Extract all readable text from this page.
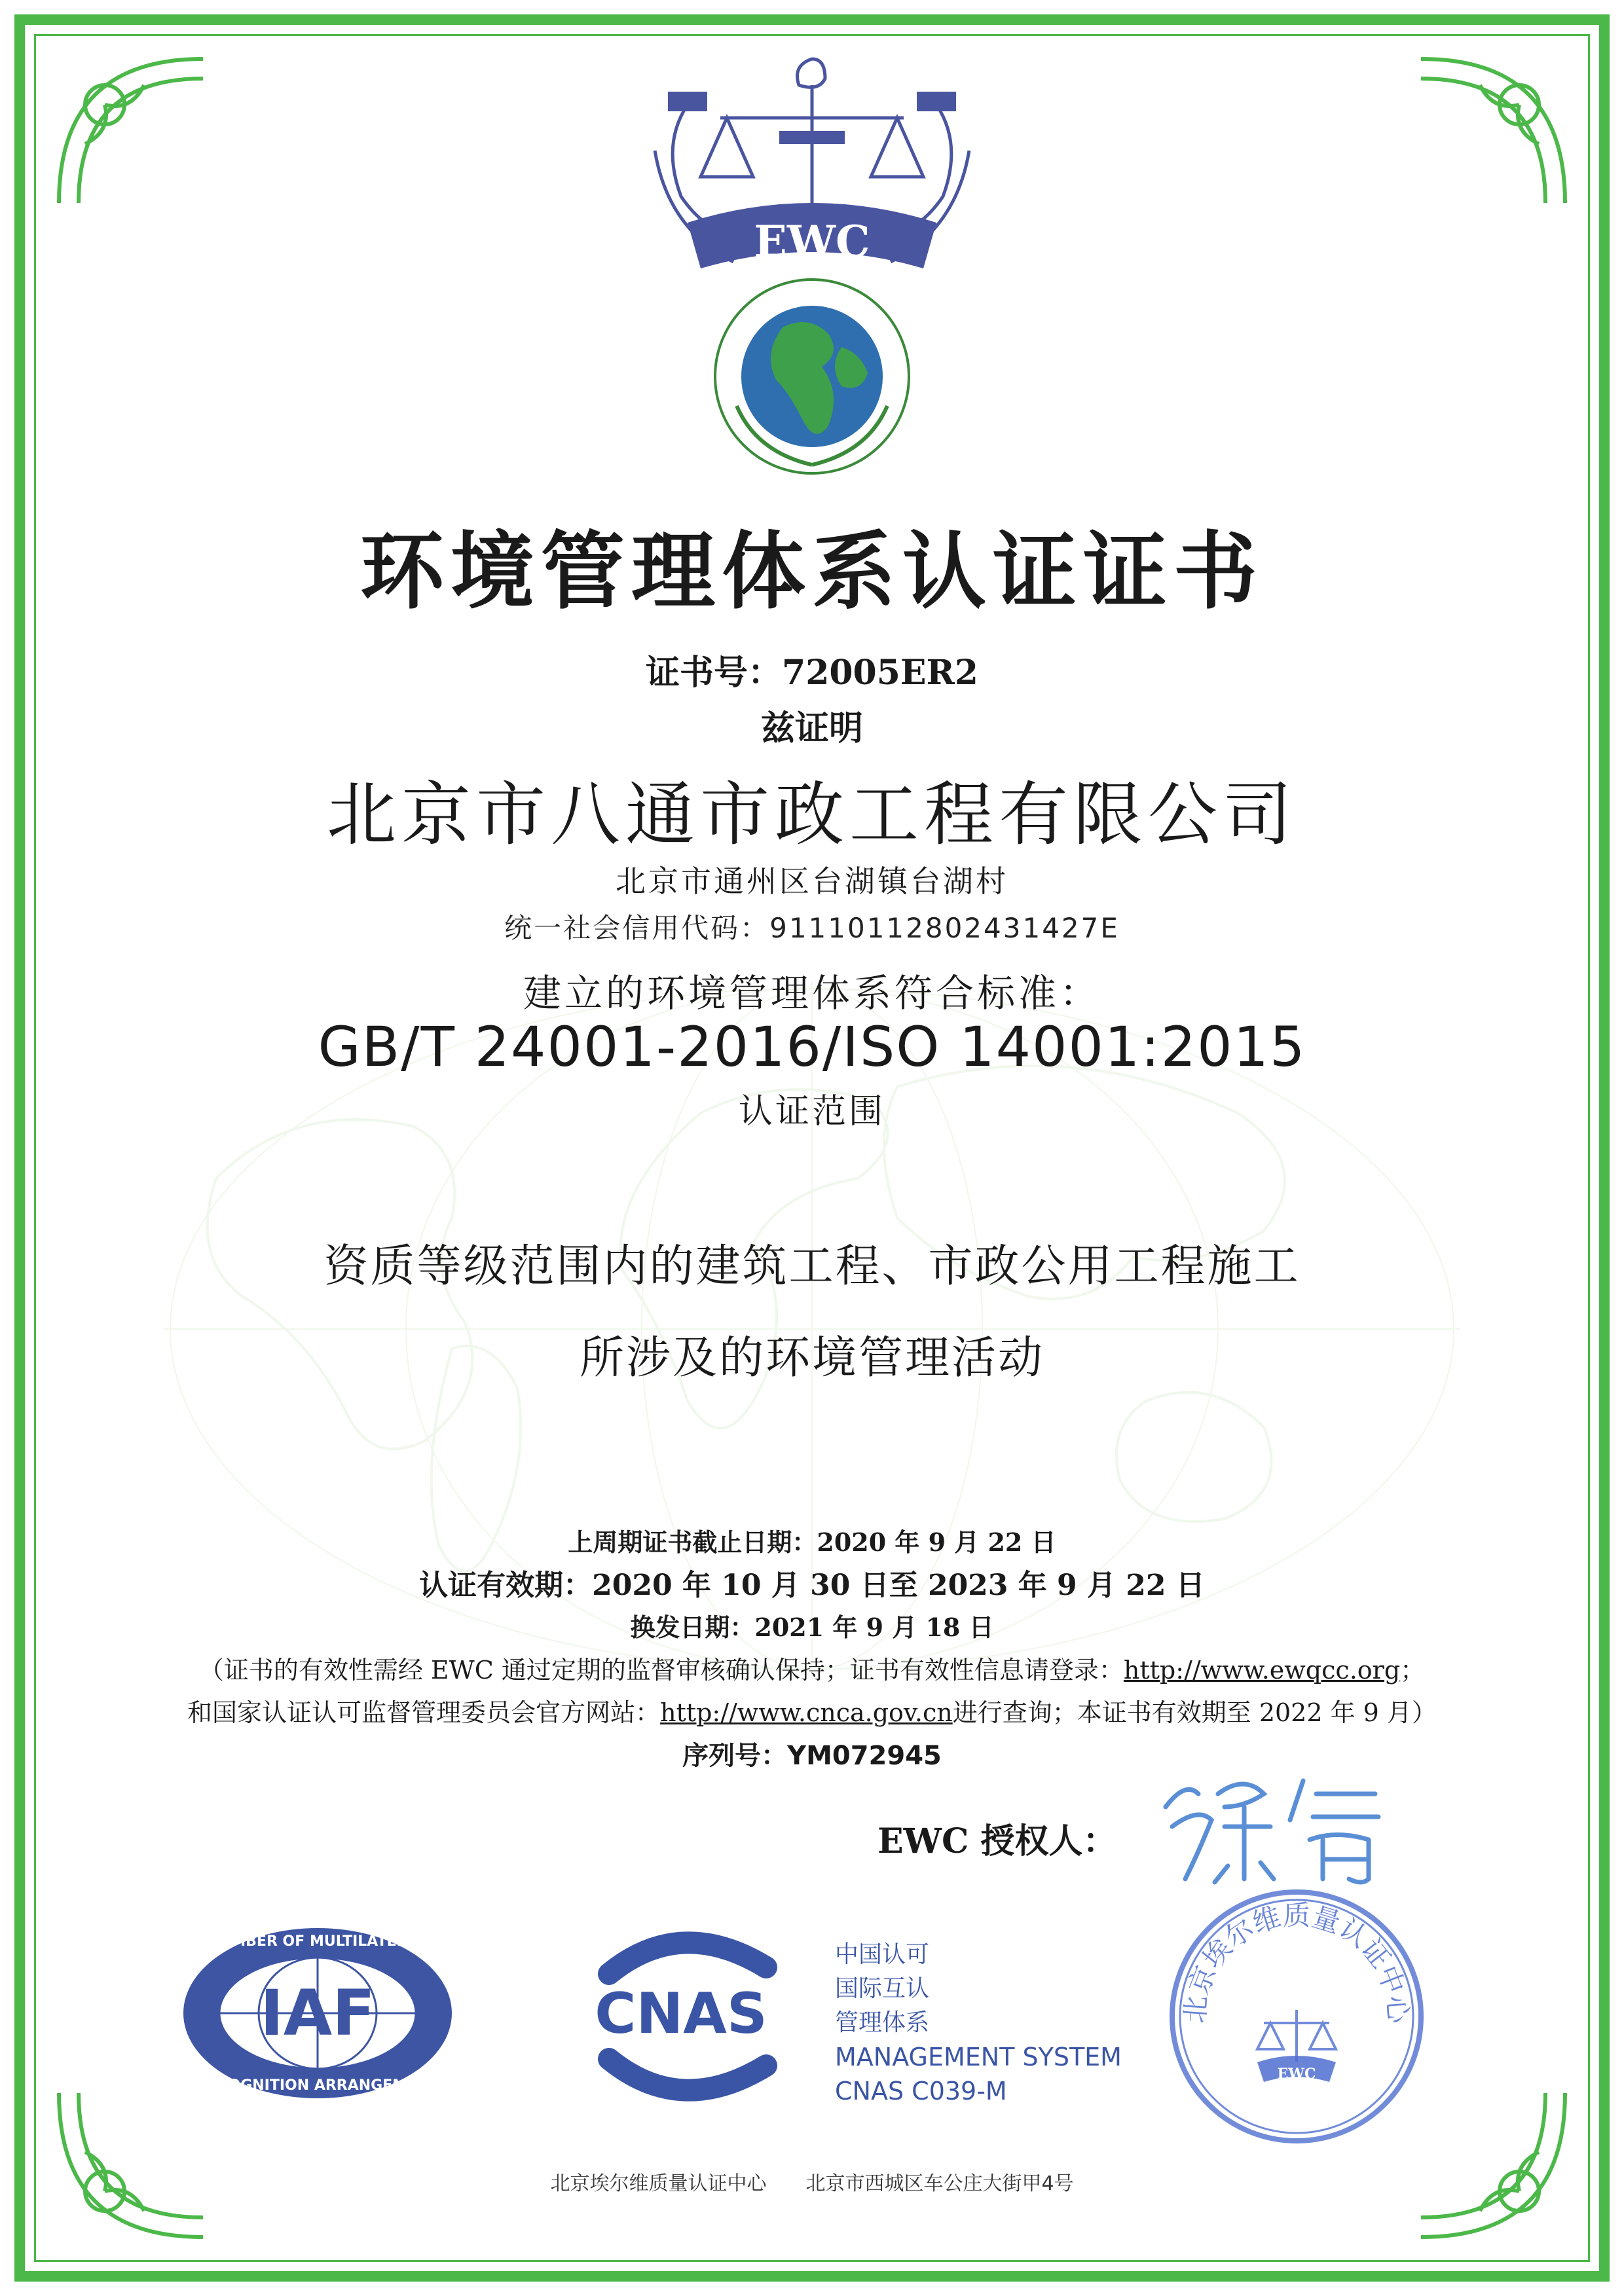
EWC
环境管理体系认证证书
证书号：72005ER2
兹证明
北京市八通市政工程有限公司
北京市通州区台湖镇台湖村
统一社会信用代码：91110112802431427E
建立的环境管理体系符合标准：
GB/T 24001-2016/ISO 14001:2015
认证范围
资质等级范围内的建筑工程、市政公用工程施工
所涉及的环境管理活动
上周期证书截止日期：2020 年 9 月 22 日
认证有效期：2020 年 10 月 30 日至 2023 年 9 月 22 日
换发日期：2021 年 9 月 18 日
（证书的有效性需经 EWC 通过定期的监督审核确认保持；证书有效性信息请登录：http://www.ewqcc.org；
和国家认证认可监督管理委员会官方网站：http://www.cnca.gov.cn进行查询；本证书有效期至 2022 年 9 月）
序列号：YM072945
EWC 授权人：
IAF
MEMBER OF MULTILATERAL
RECOGNITION ARRANGEMENT
CNAS
中国认可
国际互认
管理体系
MANAGEMENT SYSTEM
CNAS C039-M
北京埃尔维质量认证中心
EWC
北京埃尔维质量认证中心 北京市西城区车公庄大街甲4号
